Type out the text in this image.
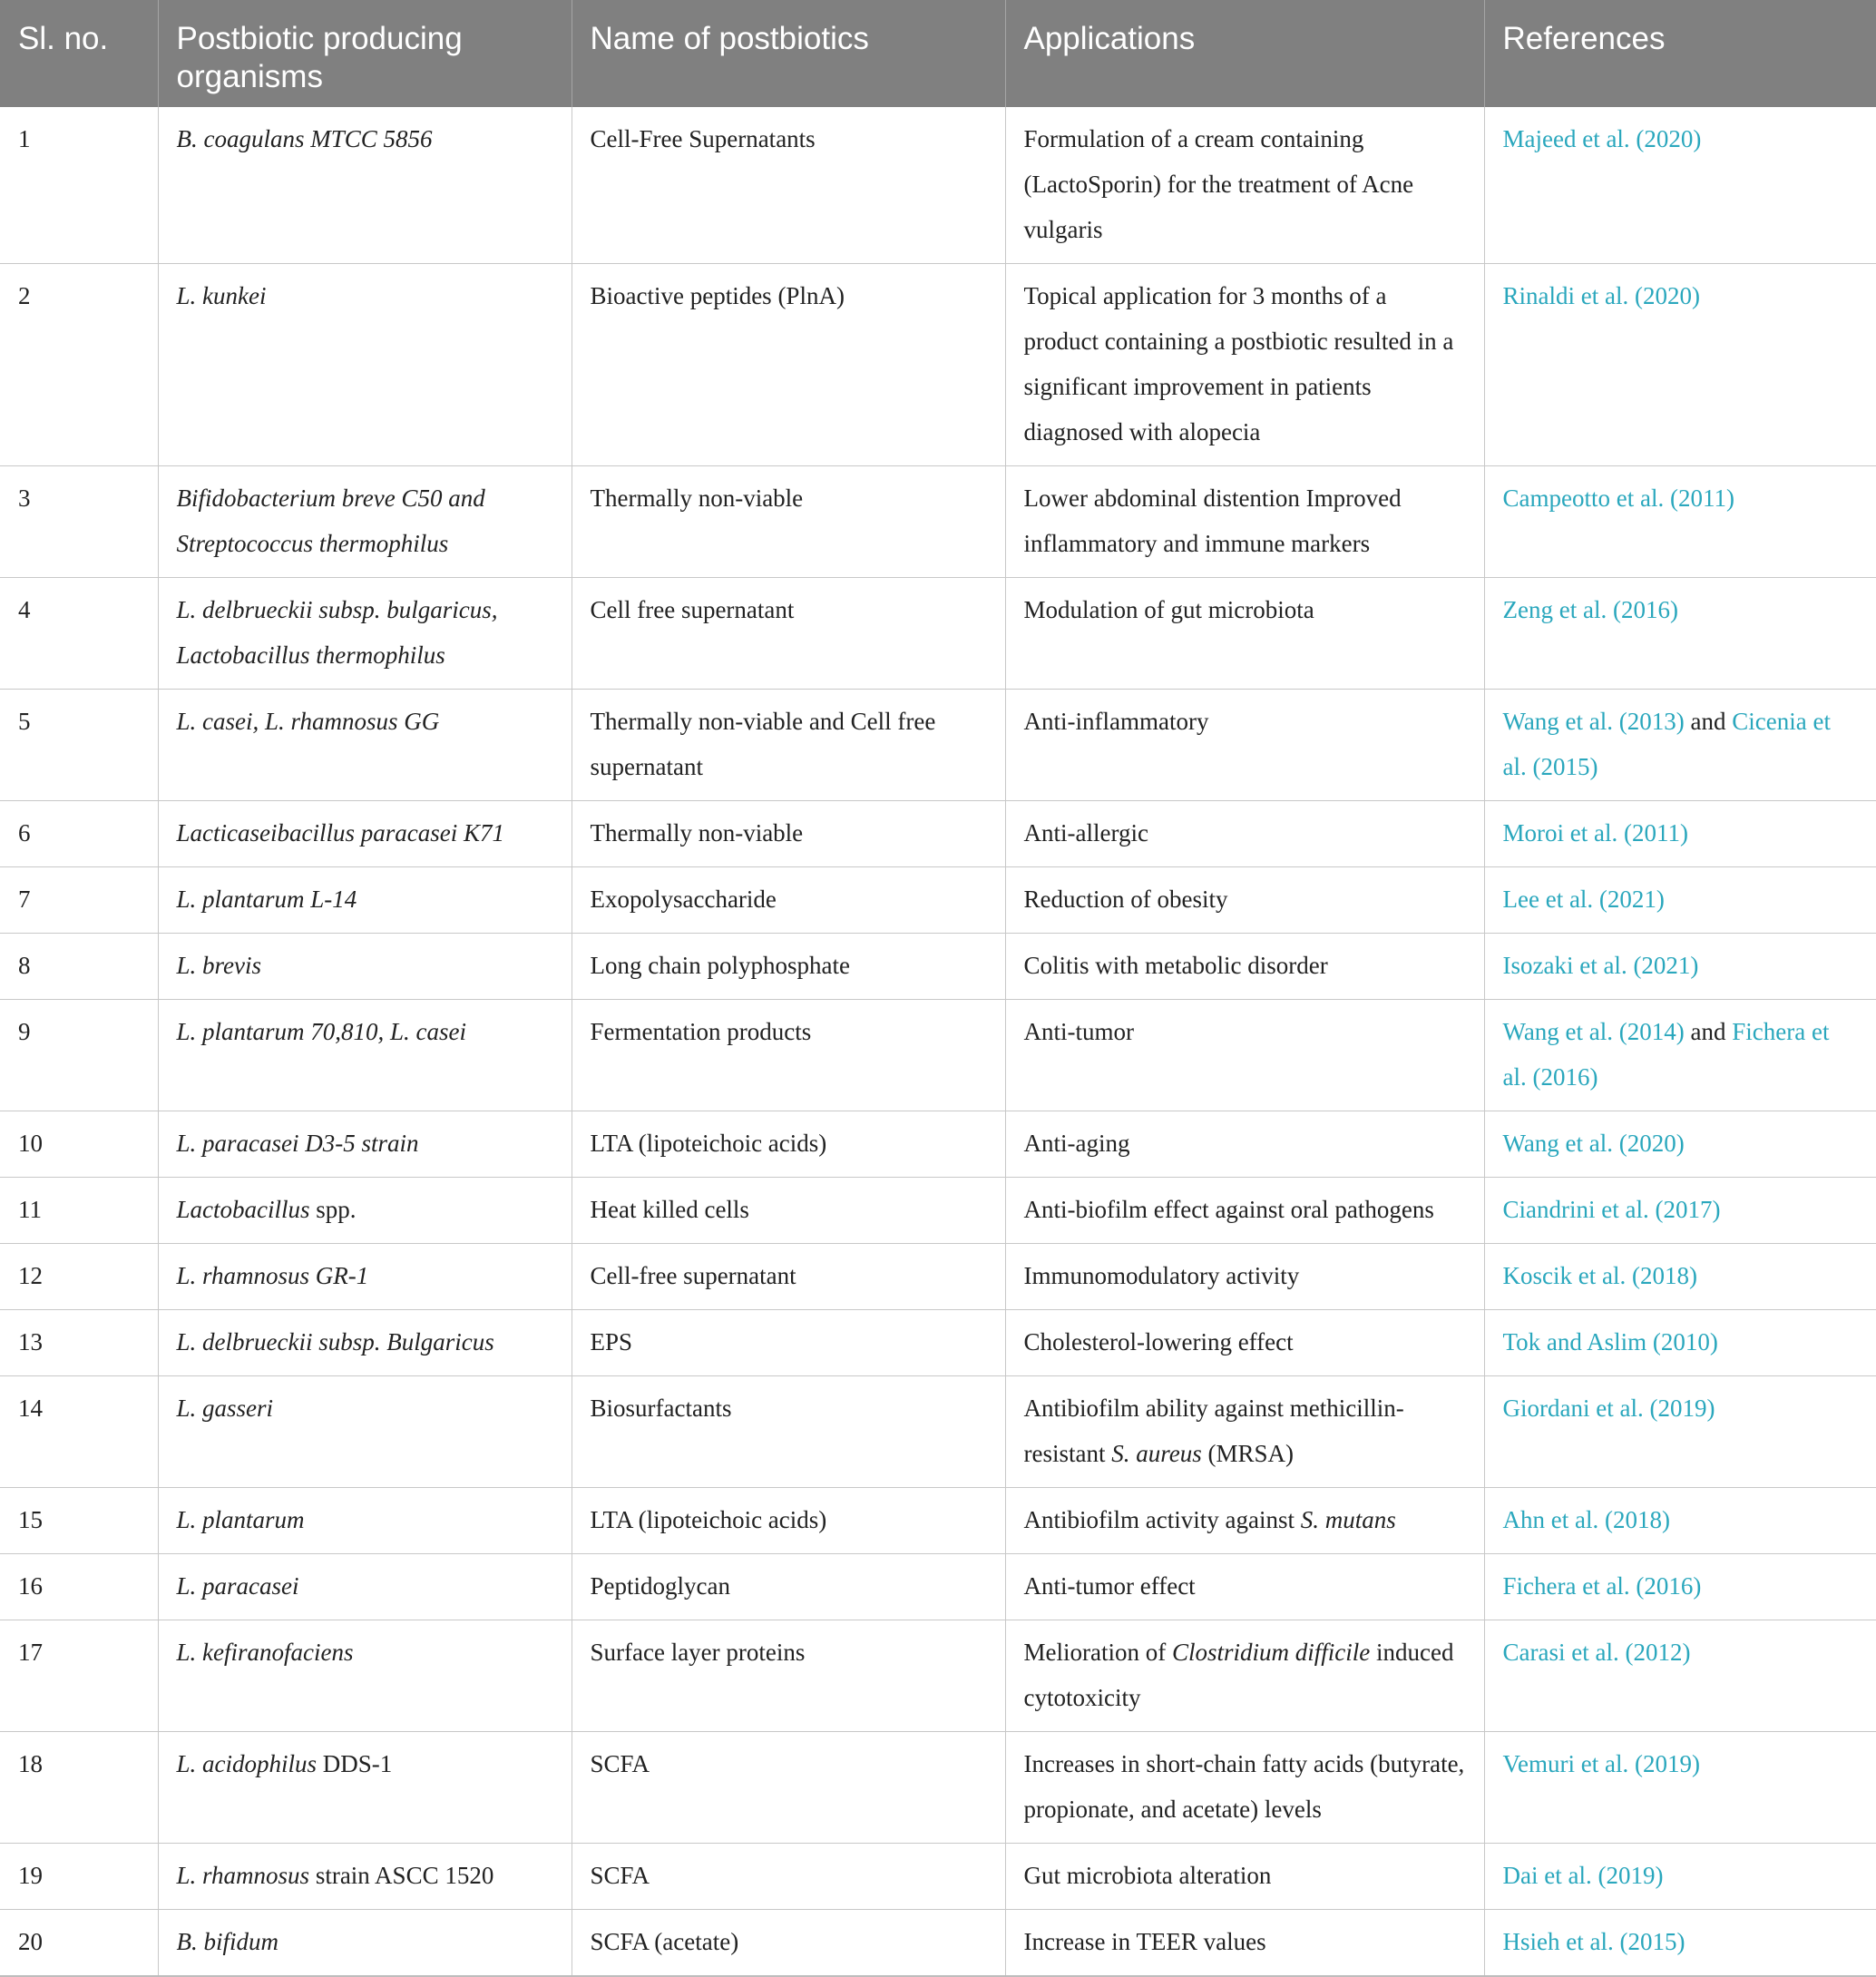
Sl. no.	Postbiotic producing organisms	Name of postbiotics	Applications	References
1	B. coagulans MTCC 5856	Cell-Free Supernatants	Formulation of a cream containing (LactoSporin) for the treatment of Acne vulgaris	Majeed et al. (2020)
2	L. kunkei	Bioactive peptides (PlnA)	Topical application for 3 months of a product containing a postbiotic resulted in a significant improvement in patients diagnosed with alopecia	Rinaldi et al. (2020)
3	Bifidobacterium breve C50 and Streptococcus thermophilus	Thermally non-viable	Lower abdominal distention Improved inflammatory and immune markers	Campeotto et al. (2011)
4	L. delbrueckii subsp. bulgaricus, Lactobacillus thermophilus	Cell free supernatant	Modulation of gut microbiota	Zeng et al. (2016)
5	L. casei, L. rhamnosus GG	Thermally non-viable and Cell free supernatant	Anti-inflammatory	Wang et al. (2013) and Cicenia et al. (2015)
6	Lacticaseibacillus paracasei K71	Thermally non-viable	Anti-allergic	Moroi et al. (2011)
7	L. plantarum L-14	Exopolysaccharide	Reduction of obesity	Lee et al. (2021)
8	L. brevis	Long chain polyphosphate	Colitis with metabolic disorder	Isozaki et al. (2021)
9	L. plantarum 70,810, L. casei	Fermentation products	Anti-tumor	Wang et al. (2014) and Fichera et al. (2016)
10	L. paracasei D3-5 strain	LTA (lipoteichoic acids)	Anti-aging	Wang et al. (2020)
11	Lactobacillus spp.	Heat killed cells	Anti-biofilm effect against oral pathogens	Ciandrini et al. (2017)
12	L. rhamnosus GR-1	Cell-free supernatant	Immunomodulatory activity	Koscik et al. (2018)
13	L. delbrueckii subsp. Bulgaricus	EPS	Cholesterol-lowering effect	Tok and Aslim (2010)
14	L. gasseri	Biosurfactants	Antibiofilm ability against methicillin-resistant S. aureus (MRSA)	Giordani et al. (2019)
15	L. plantarum	LTA (lipoteichoic acids)	Antibiofilm activity against S. mutans	Ahn et al. (2018)
16	L. paracasei	Peptidoglycan	Anti-tumor effect	Fichera et al. (2016)
17	L. kefiranofaciens	Surface layer proteins	Melioration of Clostridium difficile induced cytotoxicity	Carasi et al. (2012)
18	L. acidophilus DDS-1	SCFA	Increases in short-chain fatty acids (butyrate, propionate, and acetate) levels	Vemuri et al. (2019)
19	L. rhamnosus strain ASCC 1520	SCFA	Gut microbiota alteration	Dai et al. (2019)
20	B. bifidum	SCFA (acetate)	Increase in TEER values	Hsieh et al. (2015)
